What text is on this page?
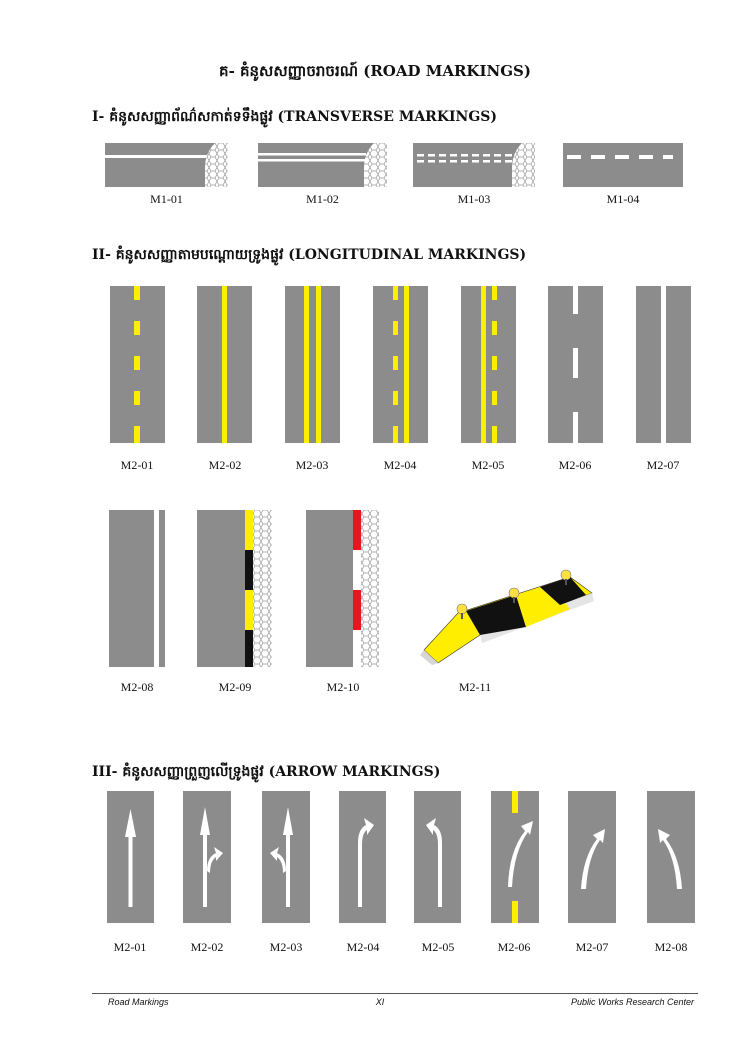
គ- គំនូសសញ្ញាចរាចរណ៍ (ROAD MARKINGS)
I- គំនូសសញ្ញាព័ណ៌សកាត់ទទឹងផ្លូវ (TRANSVERSE MARKINGS)
M1-01	M1-02	M1-03	M1-04
II- គំនូសសញ្ញាតាមបណ្តោយទ្រូងផ្លូវ (LONGITUDINAL MARKINGS)
M2-01	M2-02	M2-03	M2-04	M2-05	M2-06	M2-07
M2-08	M2-09	M2-10	M2-11
III- គំនូសសញ្ញាព្រួញលើទ្រូងផ្លូវ (ARROW MARKINGS)
M2-01	M2-02	M2-03	M2-04	M2-05	M2-06	M2-07	M2-08
Road Markings	XI	Public Works Research Center
